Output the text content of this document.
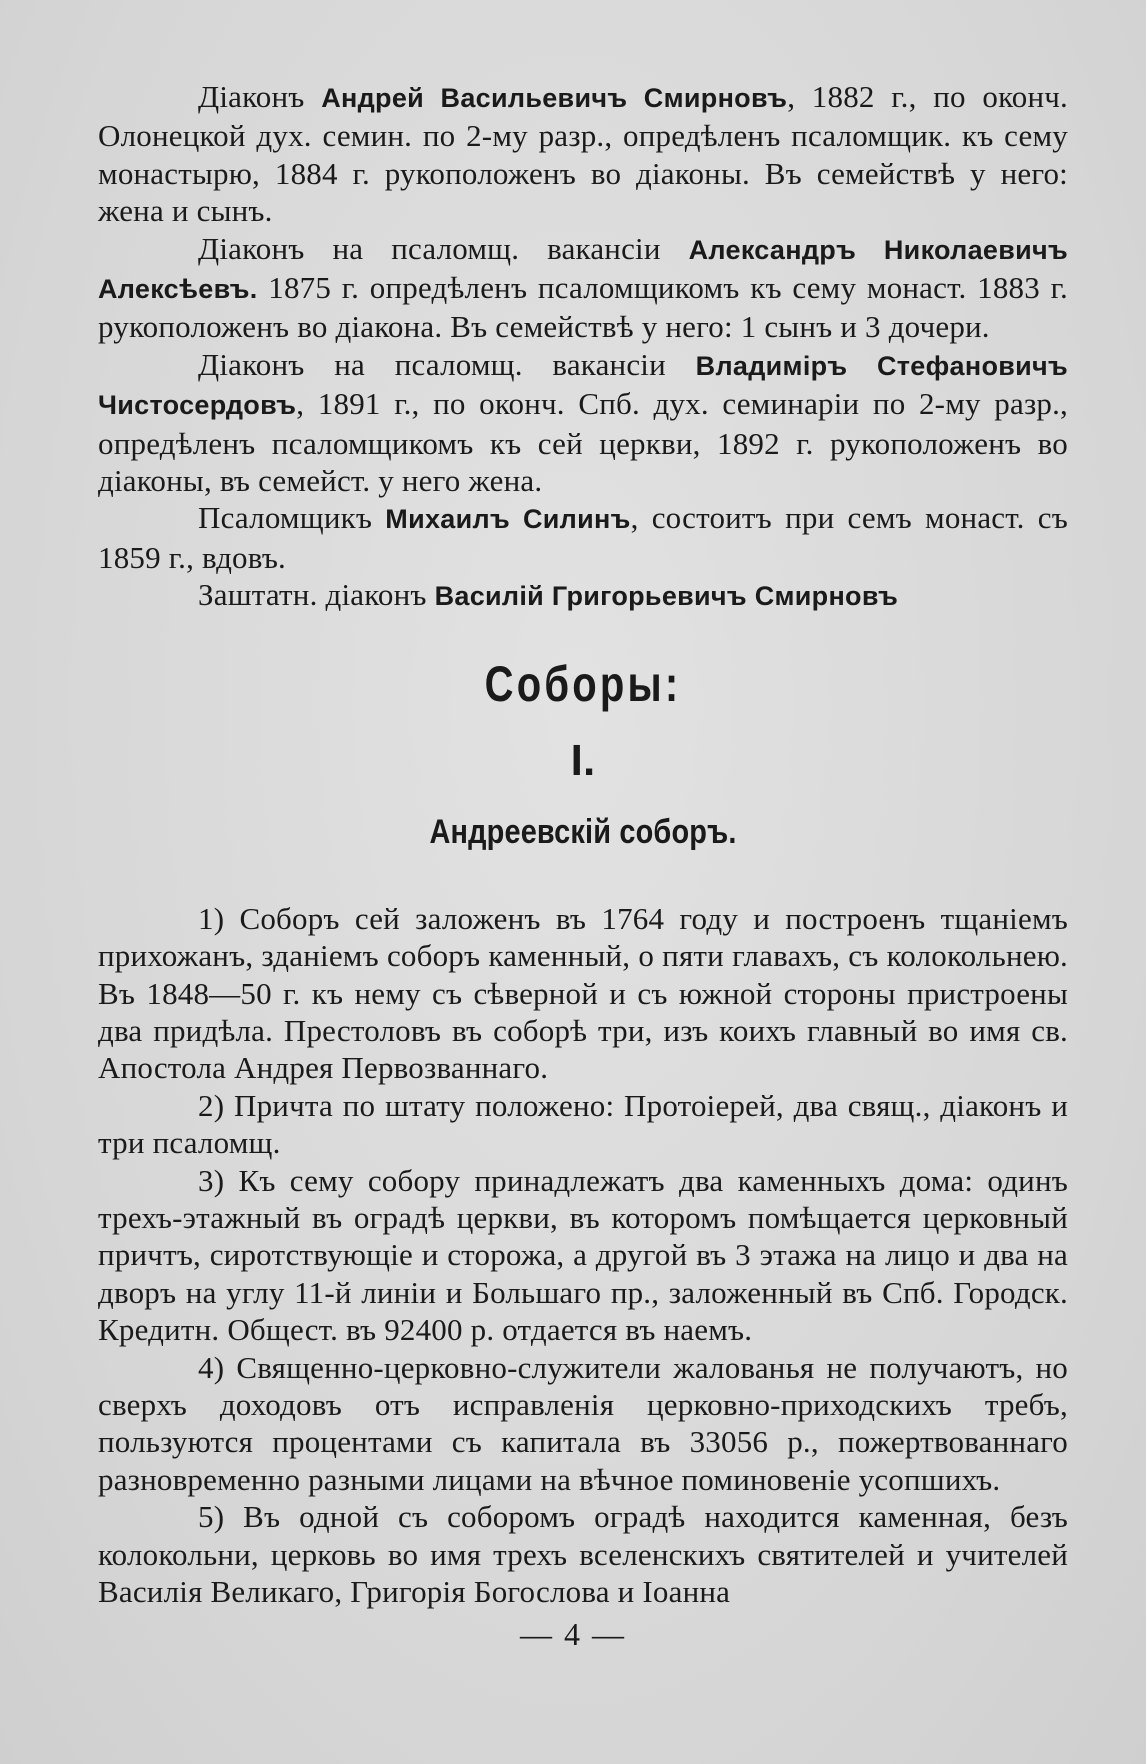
Діаконъ Андрей Васильевичъ Смирновъ, 1882 г., по оконч. Олонецкой дух. семин. по 2-му разр., опредѣленъ псаломщик. къ сему монастырю, 1884 г. рукоположенъ во діаконы. Въ семействѣ у него: жена и сынъ.

Діаконъ на псаломщ. вакансіи Александръ Николаевичъ Алексѣевъ. 1875 г. опредѣленъ псаломщикомъ къ сему монаст. 1883 г. рукоположенъ во діакона. Въ семействѣ у него: 1 сынъ и 3 дочери.

Діаконъ на псаломщ. вакансіи Владиміръ Стефановичъ Чистосердовъ, 1891 г., по оконч. Спб. дух. семинаріи по 2-му разр., опредѣленъ псаломщикомъ къ сей церкви, 1892 г. рукоположенъ во діаконы, въ семейст. у него жена.

Псаломщикъ Михаилъ Силинъ, состоитъ при семъ монаст. съ 1859 г., вдовъ.

Заштатн. діаконъ Василій Григорьевичъ Смирновъ

Соборы:
I.
Андреевскій соборъ.

1) Соборъ сей заложенъ въ 1764 году и построенъ тщаніемъ прихожанъ, зданіемъ соборъ каменный, о пяти главахъ, съ колокольнею. Въ 1848—50 г. къ нему съ сѣверной и съ южной стороны пристроены два придѣла. Престоловъ въ соборѣ три, изъ коихъ главный во имя св. Апостола Андрея Первозваннаго.

2) Причта по штату положено: Протоіерей, два свящ., діаконъ и три псаломщ.

3) Къ сему собору принадлежатъ два каменныхъ дома: одинъ трехъ-этажный въ оградѣ церкви, въ которомъ помѣщается церковный причтъ, сиротствующіе и сторожа, а другой въ 3 этажа на лицо и два на дворъ на углу 11-й линіи и Большаго пр., заложенный въ Спб. Городск. Кредитн. Общест. въ 92400 р. отдается въ наемъ.

4) Священно-церковно-служители жалованья не получаютъ, но сверхъ доходовъ отъ исправленія церковно-приходскихъ требъ, пользуются процентами съ капитала въ 33056 р., пожертвованнаго разновременно разными лицами на вѣчное поминовеніе усопшихъ.

5) Въ одной съ соборомъ оградѣ находится каменная, безъ колокольни, церковь во имя трехъ вселенскихъ святителей и учителей Василія Великаго, Григорія Богослова и Іоанна

— 4 —
